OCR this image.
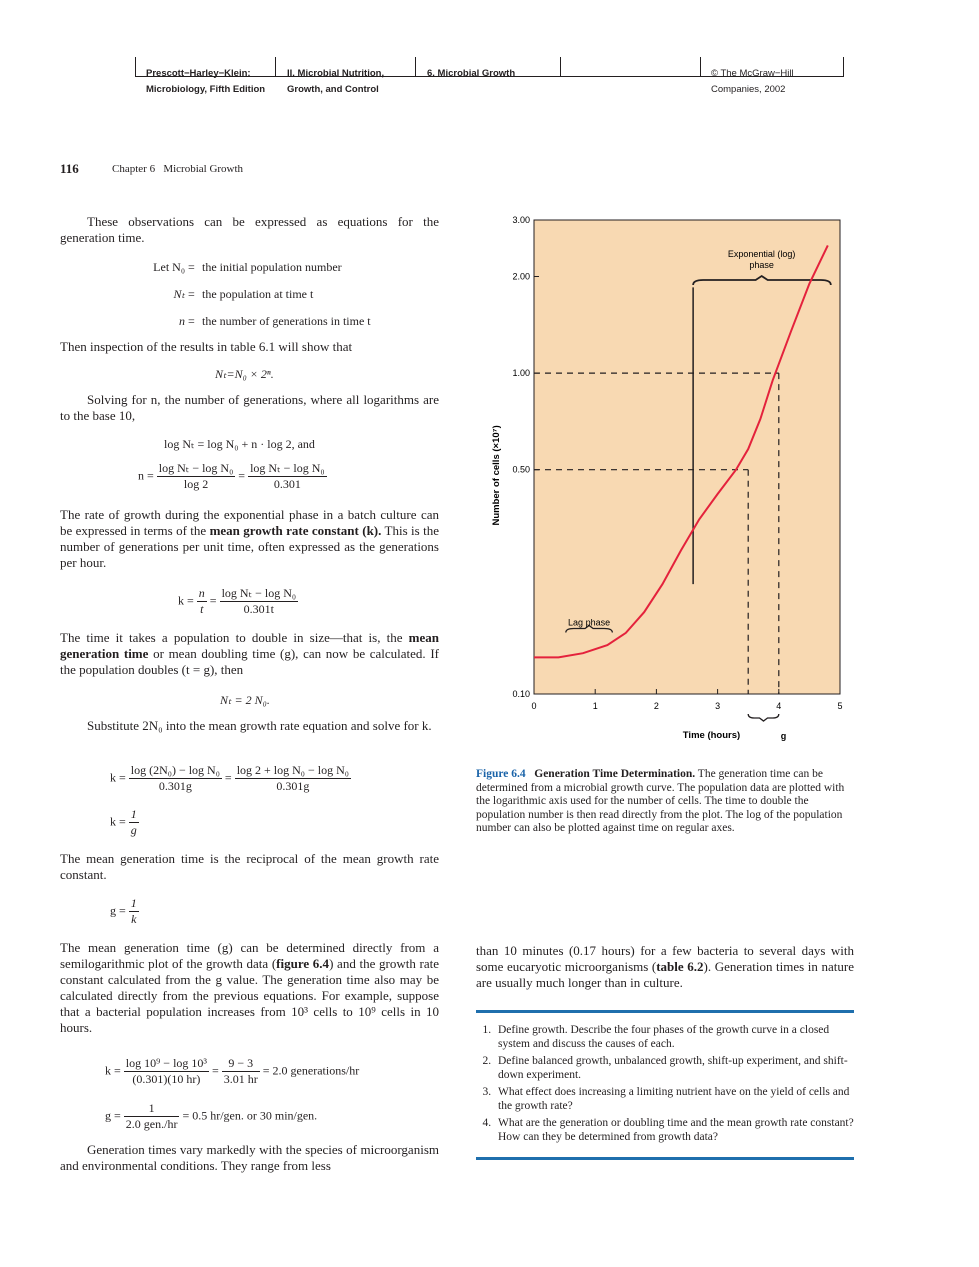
Prescott−Harley−Klein:
Microbiology, Fifth Edition
II. Microbial Nutrition,
Growth, and Control
6. Microbial Growth	© The McGraw−Hill
Companies, 2002
116	Chapter 6   Microbial Growth
These observations can be expressed as equations for the generation time.
Let N₀ = the initial population number
Nₜ = the population at time t
n = the number of generations in time t
Then inspection of the results in table 6.1 will show that
Nₜ=N₀ × 2ⁿ.
Solving for n, the number of generations, where all logarithms are to the base 10,
log Nₜ = log N₀ + n · log 2, and
$n = \frac{\text{log Nₜ − log N₀}}{\log 2} = \frac{\text{log Nₜ − log N₀}}{0.301}$
The rate of growth during the exponential phase in a batch culture can be expressed in terms of the mean growth rate constant (k). This is the number of generations per unit time, often expressed as the generations per hour.
$k = \frac{n}{t} = \frac{\text{log Nₜ − log N₀}}{0.301t}$
The time it takes a population to double in size—that is, the mean generation time or mean doubling time (g), can now be calculated. If the population doubles (t = g), then
Nₜ = 2 N₀.
Substitute 2N₀ into the mean growth rate equation and solve for k.
$k = \frac{\text{log (2N₀) − log N₀}}{0.301g} = \frac{\text{log 2 + log N₀ − log N₀}}{0.301g}$
$k = \frac{1}{g}$
The mean generation time is the reciprocal of the mean growth rate constant.
$g = \frac{1}{k}$
The mean generation time (g) can be determined directly from a semilogarithmic plot of the growth data (figure 6.4) and the growth rate constant calculated from the g value. The generation time also may be calculated directly from the previous equations. For example, suppose that a bacterial population increases from 10³ cells to 10⁹ cells in 10 hours.
$k = \frac{\text{log 10⁹ − log 10³}}{(0.301)(10 hr)} = \frac{9 - 3}{3.01 hr} = 2.0$ generations/hr
$g = \frac{1}{\text{2.0 gen./hr}} = 0.5$ hr/gen. or 30 min/gen.
Generation times vary markedly with the species of microorganism and environmental conditions. They range from less
0	1	2	3	4	5
0.10
0.50
1.00
2.00
3.00
Time (hours)
Number of cells (×10⁷)
Lag phase
Exponential (log)
phase
g
Figure 6.4 Generation Time Determination. The generation time can be determined from a microbial growth curve. The population data are plotted with the logarithmic axis used for the number of cells. The time to double the population number is then read directly from the plot. The log of the population number can also be plotted against time on regular axes.
than 10 minutes (0.17 hours) for a few bacteria to several days with some eucaryotic microorganisms (table 6.2). Generation times in nature are usually much longer than in culture.
1. Define growth. Describe the four phases of the growth curve in a closed system and discuss the causes of each.
2. Define balanced growth, unbalanced growth, shift-up experiment, and shift-down experiment.
3. What effect does increasing a limiting nutrient have on the yield of cells and the growth rate?
4. What are the generation or doubling time and the mean growth rate constant? How can they be determined from growth data?
